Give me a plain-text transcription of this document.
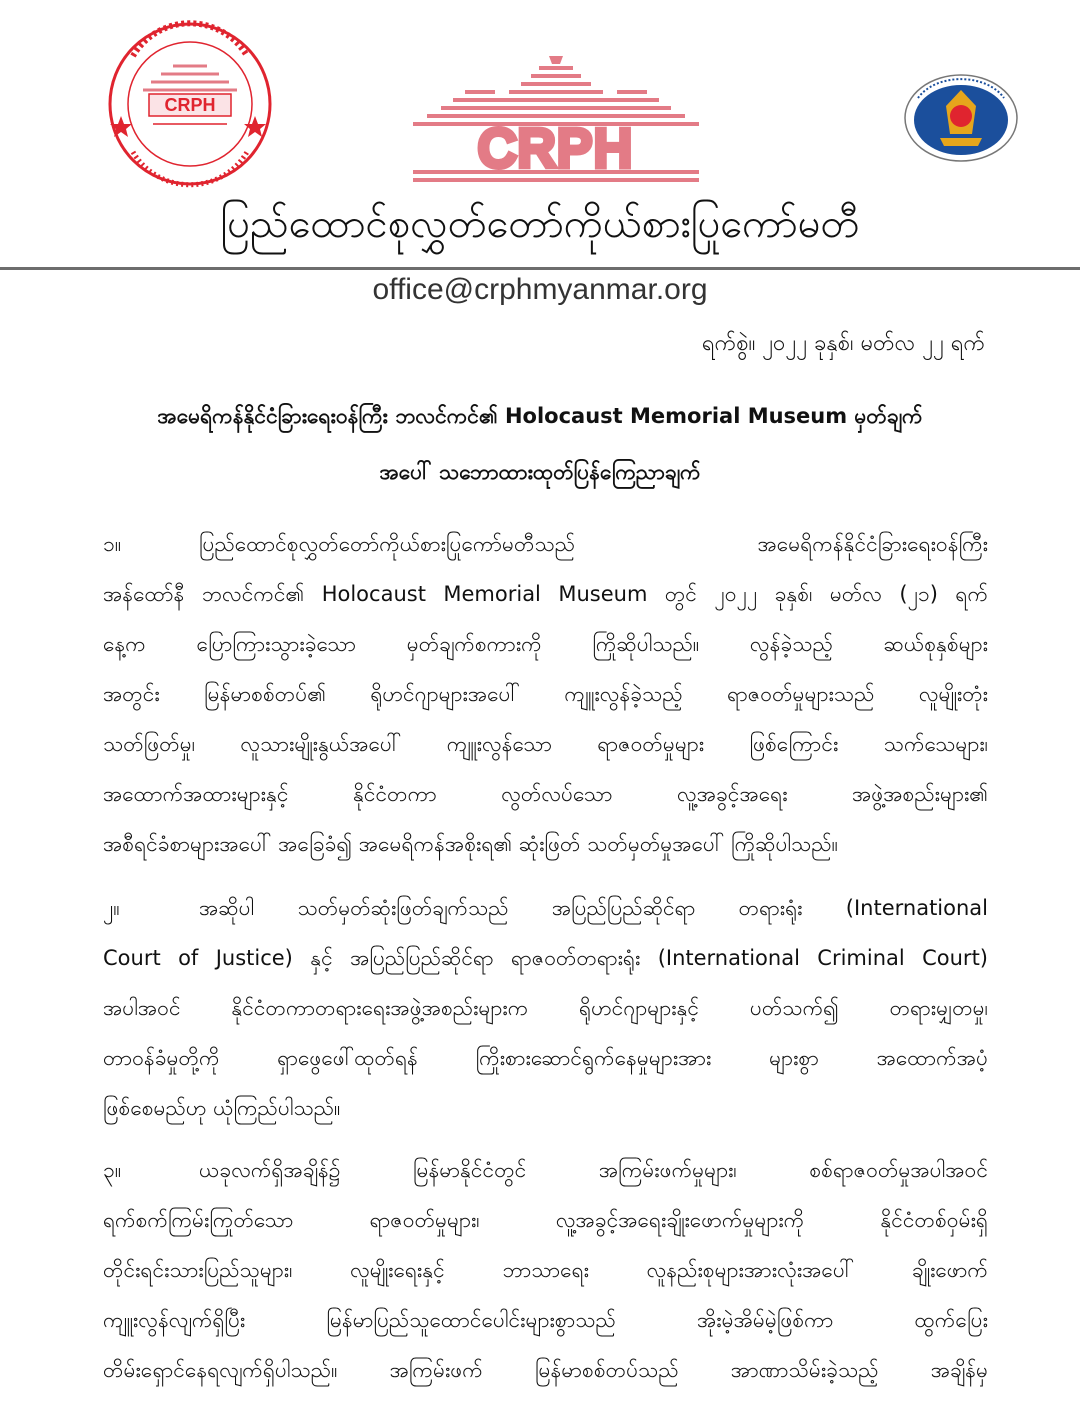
CRPH
CRPH
ပြည်ထောင်စုလွှတ်တော်ကိုယ်စားပြုကော်မတီ
office@crphmyanmar.org
ရက်စွဲ။ ၂၀၂၂ ခုနှစ်၊ မတ်လ ၂၂ ရက်
အမေရိကန်နိုင်ငံခြားရေးဝန်ကြီး ဘလင်ကင်၏ Holocaust Memorial Museum မှတ်ချက်
အပေါ် သဘောထားထုတ်ပြန်ကြေညာချက်
၁။	ပြည်ထောင်စုလွှတ်တော်ကိုယ်စားပြုကော်မတီသည် အမေရိကန်နိုင်ငံခြားရေးဝန်ကြီး
အန်ထော်နီ ဘလင်ကင်၏ Holocaust Memorial Museum တွင် ၂၀၂၂ ခုနှစ်၊ မတ်လ (၂၁) ရက်
နေ့က ပြောကြားသွားခဲ့သော မှတ်ချက်စကားကို ကြိုဆိုပါသည်။ လွန်ခဲ့သည့် ဆယ်စုနှစ်များ
အတွင်း မြန်မာစစ်တပ်၏ ရိုဟင်ဂျာများအပေါ် ကျူးလွန်ခဲ့သည့် ရာဇဝတ်မှုများသည် လူမျိုးတုံး
သတ်ဖြတ်မှု၊ လူသားမျိုးနွယ်အပေါ် ကျူးလွန်သော ရာဇဝတ်မှုများ ဖြစ်ကြောင်း သက်သေများ၊
အထောက်အထားများနှင့် နိုင်ငံတကာ လွတ်လပ်သော လူ့အခွင့်အရေး အဖွဲ့အစည်းများ၏
အစီရင်ခံစာများအပေါ် အခြေခံ၍ အမေရိကန်အစိုးရ၏ ဆုံးဖြတ် သတ်မှတ်မှုအပေါ် ကြိုဆိုပါသည်။
၂။	အဆိုပါ သတ်မှတ်ဆုံးဖြတ်ချက်သည် အပြည်ပြည်ဆိုင်ရာ တရားရုံး (International
Court of Justice) နှင့် အပြည်ပြည်ဆိုင်ရာ ရာဇဝတ်တရားရုံး (International Criminal Court)
အပါအဝင် နိုင်ငံတကာတရားရေးအဖွဲ့အစည်းများက ရိုဟင်ဂျာများနှင့် ပတ်သက်၍ တရားမျှတမှု၊
တာဝန်ခံမှုတို့ကို ရှာဖွေဖေါ်ထုတ်ရန် ကြိုးစားဆောင်ရွက်နေမှုများအား များစွာ အထောက်အပံ့
ဖြစ်စေမည်ဟု ယုံကြည်ပါသည်။
၃။	ယခုလက်ရှိအချိန်၌ မြန်မာနိုင်ငံတွင် အကြမ်းဖက်မှုများ၊ စစ်ရာဇဝတ်မှုအပါအဝင်
ရက်စက်ကြမ်းကြုတ်သော ရာဇဝတ်မှုများ၊ လူ့အခွင့်အရေးချိုးဖောက်မှုများကို နိုင်ငံတစ်ဝှမ်းရှိ
တိုင်းရင်းသားပြည်သူများ၊ လူမျိုးရေးနှင့် ဘာသာရေး လူနည်းစုများအားလုံးအပေါ် ချိုးဖောက်
ကျူးလွန်လျက်ရှိပြီး မြန်မာပြည်သူထောင်ပေါင်းများစွာသည် အိုးမဲ့အိမ်မဲ့ဖြစ်ကာ ထွက်ပြေး
တိမ်းရှောင်နေရလျက်ရှိပါသည်။ အကြမ်းဖက် မြန်မာစစ်တပ်သည် အာဏာသိမ်းခဲ့သည့် အချိန်မှ
